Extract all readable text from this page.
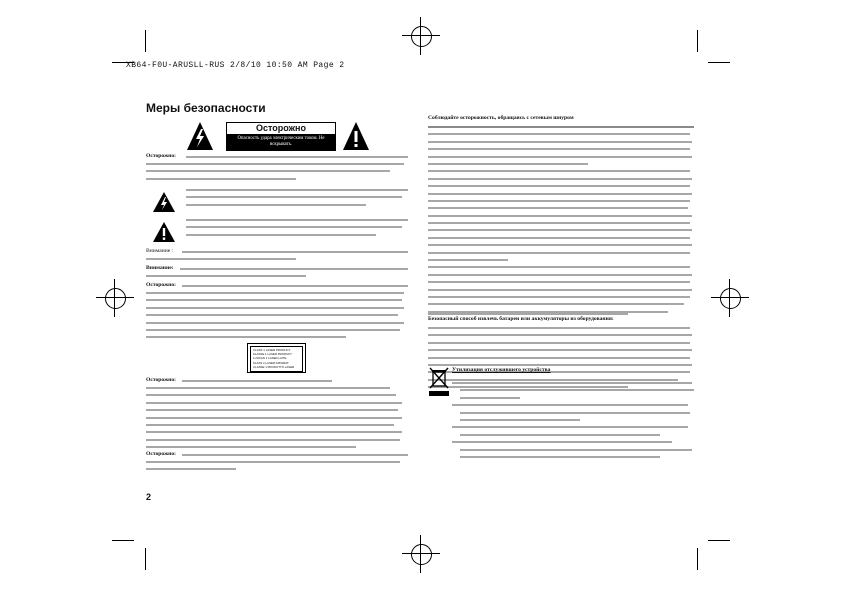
XB64-F0U-ARUSLL-RUS 2/8/10 10:50 AM Page 2
Меры безопасности
Осторожно
Опасность удара электрическим током. Не вскрывать.
Осторожно:
Внимание :
Внимание:
Осторожно:
CLASS 1 LASER PRODUCT
KLASSE 1 LASER PRODUKT
LUOKAN 1 LASER LAITE
KLASS 1 LASER APPARAT
CLASSE 1 PRODOTTO LASER
Осторожно:
Осторожно:
2
Соблюдайте осторожность, обращаясь с сетевым шнуром
Безопасный способ извлечь батареи или аккумуляторы из оборудования:
Утилизация отслужившего устройства
